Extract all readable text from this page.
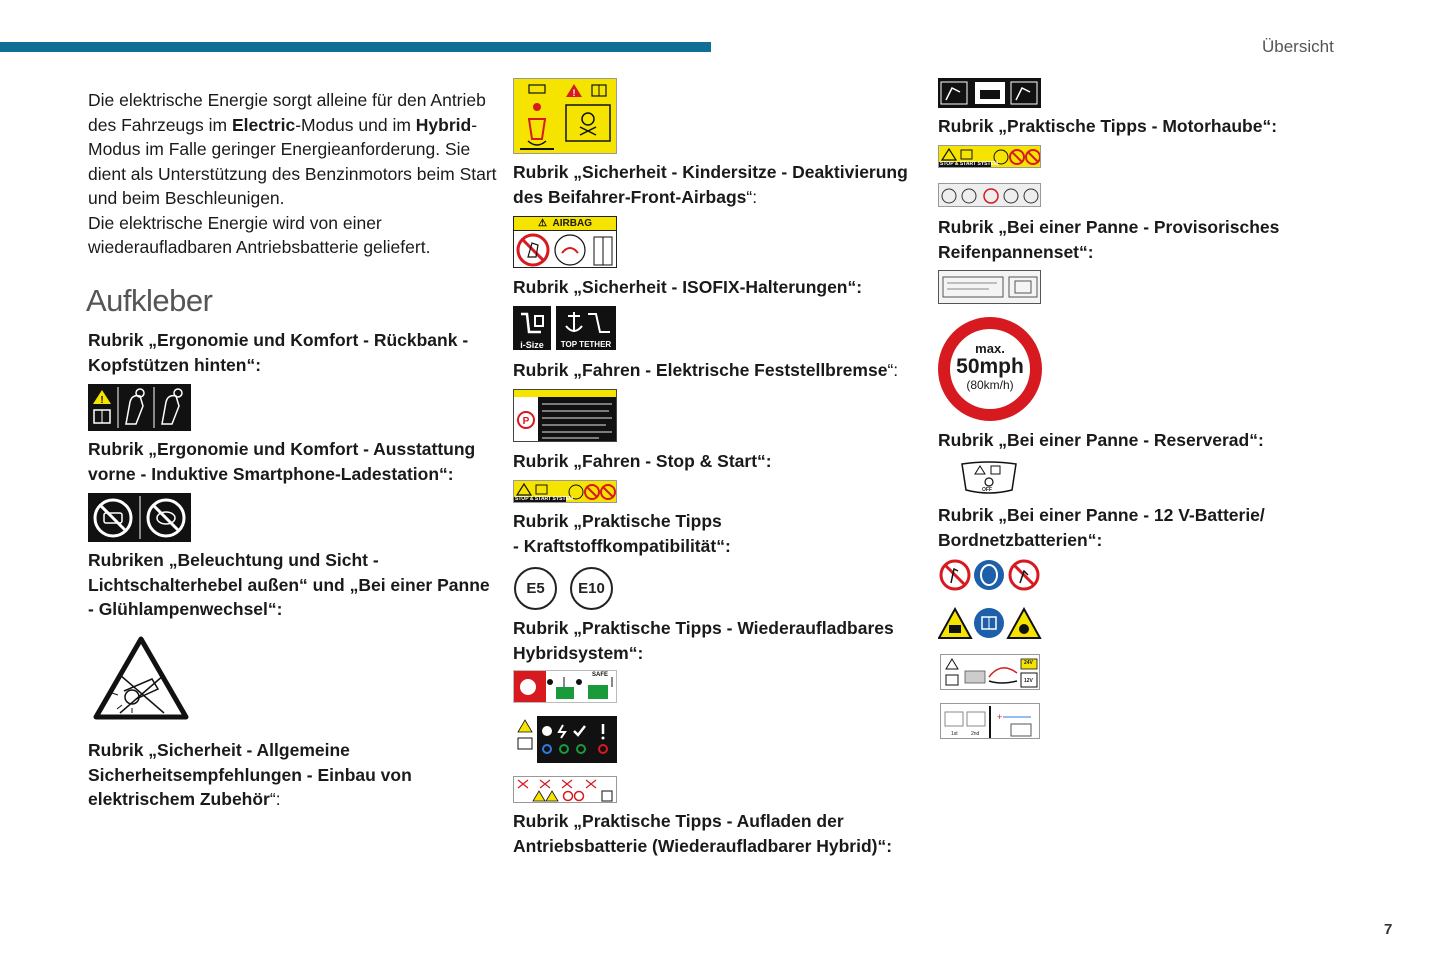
Übersicht
7
Die elektrische Energie sorgt alleine für den Antrieb
des Fahrzeugs im Electric-Modus und im Hybrid-
Modus im Falle geringer Energieanforderung. Sie
dient als Unterstützung des Benzinmotors beim Start
und beim Beschleunigen.
Die elektrische Energie wird von einer
wiederaufladbaren Antriebsbatterie geliefert.
Aufkleber
Rubrik „Ergonomie und Komfort - Rückbank -
Kopfstützen hinten“:
!
Rubrik „Ergonomie und Komfort - Ausstattung
vorne - Induktive Smartphone-Ladestation“:
Rubriken „Beleuchtung und Sicht -
Lichtschalterhebel außen“ und „Bei einer Panne
- Glühlampenwechsel“:
Rubrik „Sicherheit - Allgemeine
Sicherheitsempfehlungen - Einbau von
elektrischem Zubehör“:
!
Rubrik „Sicherheit - Kindersitze - Deaktivierung
des Beifahrer-Front-Airbags“:
⚠  AIRBAG
Rubrik „Sicherheit - ISOFIX-Halterungen“:
i-Size	TOP TETHER
Rubrik „Fahren - Elektrische Feststellbremse“:
P
Rubrik „Fahren - Stop & Start“:
STOP & START SYSTEM
Rubrik „Praktische Tipps
- Kraftstoffkompatibilität“:
E5	E10
Rubrik „Praktische Tipps - Wiederaufladbares
Hybridsystem“:
SAFE
Rubrik „Praktische Tipps - Aufladen der
Antriebsbatterie (Wiederaufladbarer Hybrid)“:
Rubrik „Praktische Tipps - Motorhaube“:
STOP & START SYSTEM
Rubrik „Bei einer Panne - Provisorisches
Reifenpannenset“:
max.
50mph
(80km/h)
Rubrik „Bei einer Panne - Reserverad“:
OFF
Rubrik „Bei einer Panne - 12 V-Batterie/
Bordnetzbatterien“:
24V
12V
+
1st	2nd
